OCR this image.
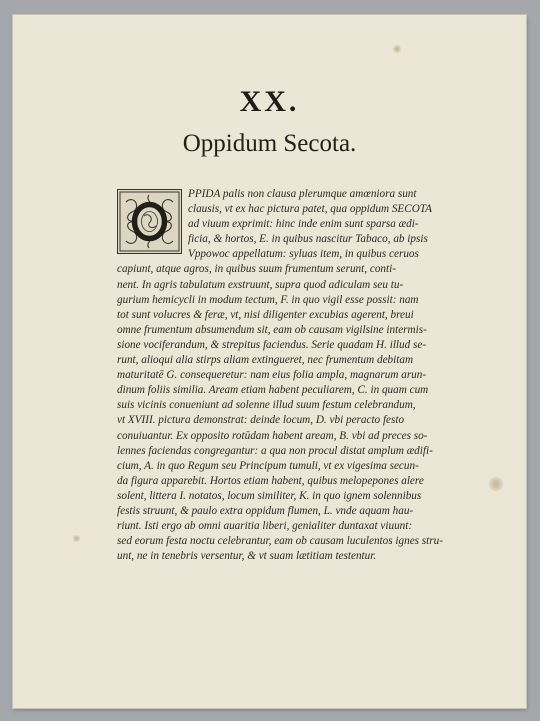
XX.
Oppidum Secota.
PPIDA palis non clausa plerumque amœniora sunt
clausis, vt ex hac pictura patet, qua oppidum SECOTA
ad viuum exprimit: hinc inde enim sunt sparsa ædi-
ficia, & hortos, E. in quibus nascitur Tabaco, ab ipsis
Vppowoc appellatum: syluas item, in quibus ceruos
capiunt, atque agros, in quibus suum frumentum serunt, conti-
nent. In agris tabulatum exstruunt, supra quod adiculam seu tu-
gurium hemicycli in modum tectum, F. in quo vigil esse possit: nam
tot sunt volucres & feræ, vt, nisi diligenter excubias agerent, breui
omne frumentum absumendum sit, eam ob causam vigilsine intermis-
sione vociferandum, & strepitus faciendus. Serie quadam H. illud se-
runt, alioqui alia stirps aliam extingueret, nec frumentum debitam
maturitatē G. consequeretur: nam eius folia ampla, magnarum arun-
dinum foliis similia. Aream etiam habent peculiarem, C. in quam cum
suis vicinis conueniunt ad solenne illud suum festum celebrandum,
vt XVIII. pictura demonstrat: deinde locum, D. vbi peracto festo
conuiuantur. Ex opposito rotūdam habent aream, B. vbi ad preces so-
lennes faciendas congregantur: a qua non procul distat amplum ædifi-
cium, A. in quo Regum seu Principum tumuli, vt ex vigesima secun-
da figura apparebit. Hortos etiam habent, quibus melopepones alere
solent, littera I. notatos, locum similiter, K. in quo ignem solennibus
festis struunt, & paulo extra oppidum flumen, L. vnde aquam hau-
riunt. Isti ergo ab omni auaritia liberi, genialiter duntaxat viuunt:
sed eorum festa noctu celebrantur, eam ob causam luculentos ignes stru-
unt, ne in tenebris versentur, & vt suam lætitiam testentur.
